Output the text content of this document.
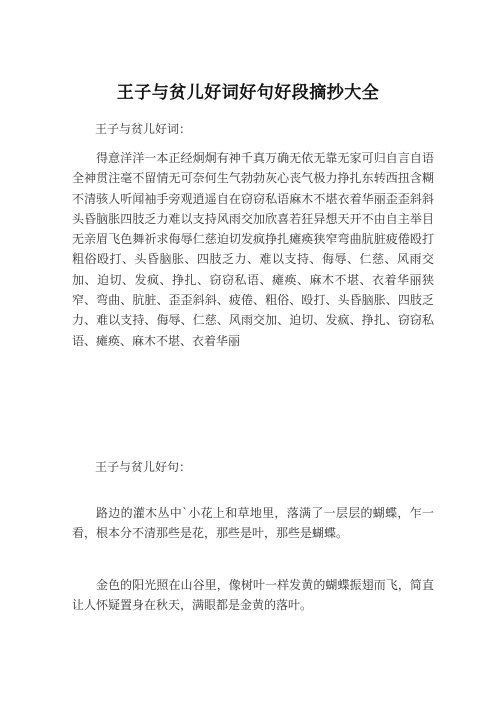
王子与贫儿好词好句好段摘抄大全
王子与贫儿好词：
得意洋洋一本正经炯炯有神千真万确无依无靠无家可归自言自语全神贯注毫不留情无可奈何生气勃勃灰心丧气极力挣扎东转西扭含糊不清骇人听闻袖手旁观逍遥自在窃窃私语麻木不堪衣着华丽歪歪斜斜头昏脑胀四肢乏力难以支持风雨交加欣喜若狂异想天开不由自主举目无亲眉飞色舞祈求侮辱仁慈迫切发疯挣扎瘫痪狭窄弯曲肮脏疲倦殴打粗俗殴打、头昏脑胀、四肢乏力、难以支持、侮辱、仁慈、风雨交加、迫切、发疯、挣扎、窃窃私语、瘫痪、麻木不堪、衣着华丽狭窄、弯曲、肮脏、歪歪斜斜、疲倦、粗俗、殴打、头昏脑胀、四肢乏力、难以支持、侮辱、仁慈、风雨交加、迫切、发疯、挣扎、窃窃私语、瘫痪、麻木不堪、衣着华丽
王子与贫儿好句：
路边的灌木丛中`小花上和草地里，落满了一层层的蝴蝶，乍一看，根本分不清那些是花，那些是叶，那些是蝴蝶。
金色的阳光照在山谷里，像树叶一样发黄的蝴蝶振翅而飞，简直让人怀疑置身在秋天，满眼都是金黄的落叶。
